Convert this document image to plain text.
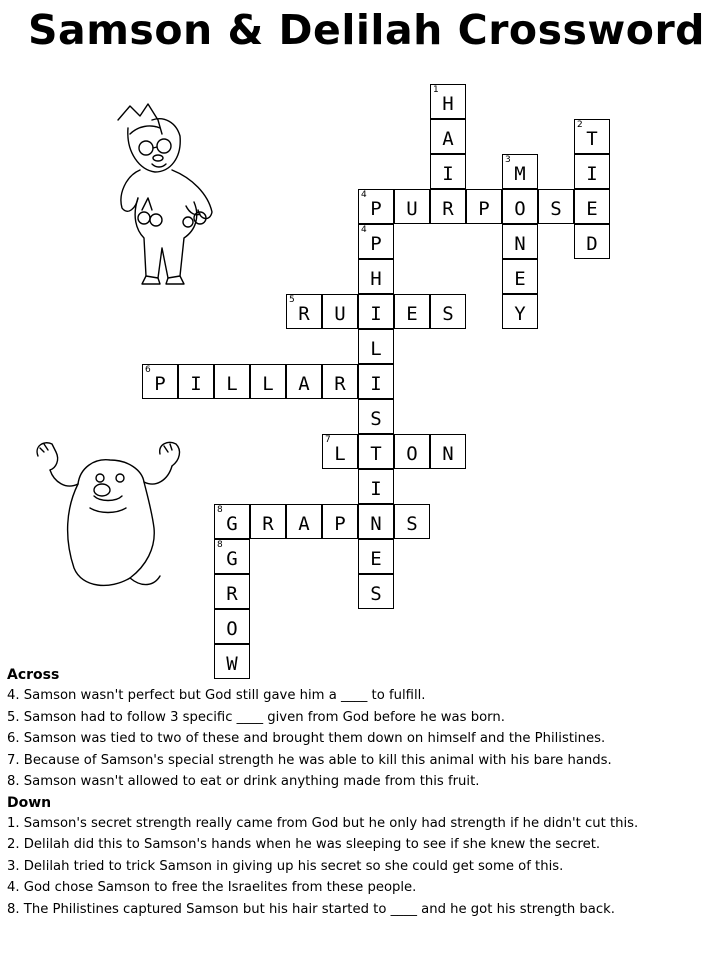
Samson & Delilah Crossword
H
1
A
I
R
T
2
I
E
D
M
3
O
N
E
Y
P
4
U	P	S
P
4
H
I
L
I
S
T
I
N
E
S
R
5
U	E	S
P
6
I	L	L	A	R
L
7
O	N
G
8
R	A	P	S
G
8
R
O
W
Across
4. Samson wasn't perfect but God still gave him a ____ to fulfill.
5. Samson had to follow 3 specific ____ given from God before he was born.
6. Samson was tied to two of these and brought them down on himself and the Philistines.
7. Because of Samson's special strength he was able to kill this animal with his bare hands.
8. Samson wasn't allowed to eat or drink anything made from this fruit.
Down
1. Samson's secret strength really came from God but he only had strength if he didn't cut this.
2. Delilah did this to Samson's hands when he was sleeping to see if she knew the secret.
3. Delilah tried to trick Samson in giving up his secret so she could get some of this.
4. God chose Samson to free the Israelites from these people.
8. The Philistines captured Samson but his hair started to ____ and he got his strength back.
